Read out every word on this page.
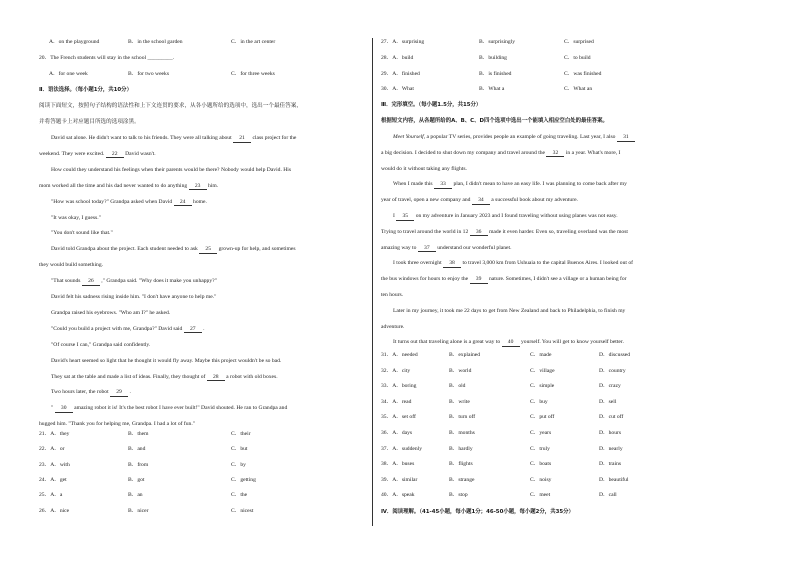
A．on the playground	B．in the school garden	C．in the art center
20．The French students will stay in the school _________.
A．for one week	B．for two weeks	C．for three weeks
Ⅱ．语法选择。（每小题1分，共10分）
阅读下面短文，按照句子结构的语法性和上下文连贯的要求，从各小题所给的选项中，选出一个最佳答案，
并将答题卡上对应题目所选的选项涂黑。
David sat alone. He didn't want to talk to his friends. They were all talking about 21 class project for the
weekend. They were excited. 22 David wasn't.
How could they understand his feelings when their parents would be there? Nobody would help David. His
mom worked all the time and his dad never wanted to do anything 23 him.
"How was school today?" Grandpa asked when David 24 home.
"It was okay, I guess."
"You don't sound like that."
David told Grandpa about the project. Each student needed to ask 25 grown-up for help, and sometimes
they would build something.
"That sounds 26 ," Grandpa said. "Why does it make you unhappy?"
David felt his sadness rising inside him. "I don't have anyone to help me."
Grandpa raised his eyebrows. "Who am I?" he asked.
"Could you build a project with me, Grandpa?" David said 27 .
"Of course I can," Grandpa said confidently.
David's heart seemed so light that he thought it would fly away. Maybe this project wouldn't be so bad.
They sat at the table and made a list of ideas. Finally, they thought of 28 a robot with old boxes.
Two hours later, the robot 29 .
" 30 amazing robot it is! It's the best robot I have ever built!" David shouted. He ran to Grandpa and
hugged him. "Thank you for helping me, Grandpa. I had a lot of fun."
21．A．they	B．them	C．their
22．A．or	B．and	C．but
23．A．with	B．from	C．by
24．A．get	B．got	C．getting
25．A．a	B．an	C．the
26．A．nice	B．nicer	C．nicest
27．A．surprising	B．surprisingly	C．surprised
28．A．build	B．building	C．to build
29．A．finished	B．is finished	C．was finished
30．A．What	B．What a	C．What an
Ⅲ．完形填空。（每小题1.5分，共15分）
根据短文内容，从各题所给的A、B、C、D四个选项中选出一个能填入相应空白处的最佳答案。
Meet Yourself, a popular TV series, provides people an example of going traveling. Last year, I also 31
a big decision. I decided to shut down my company and travel around the 32 in a year. What's more, I
would do it without taking any flights.
When I made this 33 plan, I didn't mean to have an easy life. I was planning to come back after my
year of travel, open a new company and 34 a successful book about my adventure.
I 35 on my adventure in January 2023 and I found traveling without using planes was not easy.
Trying to travel around the world in 12 36 made it even harder. Even so, traveling overland was the most
amazing way to 37 understand our wonderful planet.
I took three overnight 38 to travel 3,000 km from Ushuaia to the capital Buenos Aires. I looked out of
the bus windows for hours to enjoy the 39 nature. Sometimes, I didn't see a village or a human being for
ten hours.
Later in my journey, it took me 22 days to get from New Zealand and back to Philadelphia, to finish my
adventure.
It turns out that traveling alone is a great way to 40 yourself. You will get to know yourself better.
31．A．needed	B．explained	C．made	D．discussed
32．A．city	B．world	C．village	D．country
33．A．boring	B．old	C．simple	D．crazy
34．A．read	B．write	C．buy	D．sell
35．A．set off	B．turn off	C．put off	D．cut off
36．A．days	B．months	C．years	D．hours
37．A．suddenly	B．hardly	C．truly	D．nearly
38．A．buses	B．flights	C．boats	D．trains
39．A．similar	B．strange	C．noisy	D．beautiful
40．A．speak	B．stop	C．meet	D．call
Ⅳ．阅读理解。（41-45小题，每小题1分；46-50小题，每小题2分，共35分）
